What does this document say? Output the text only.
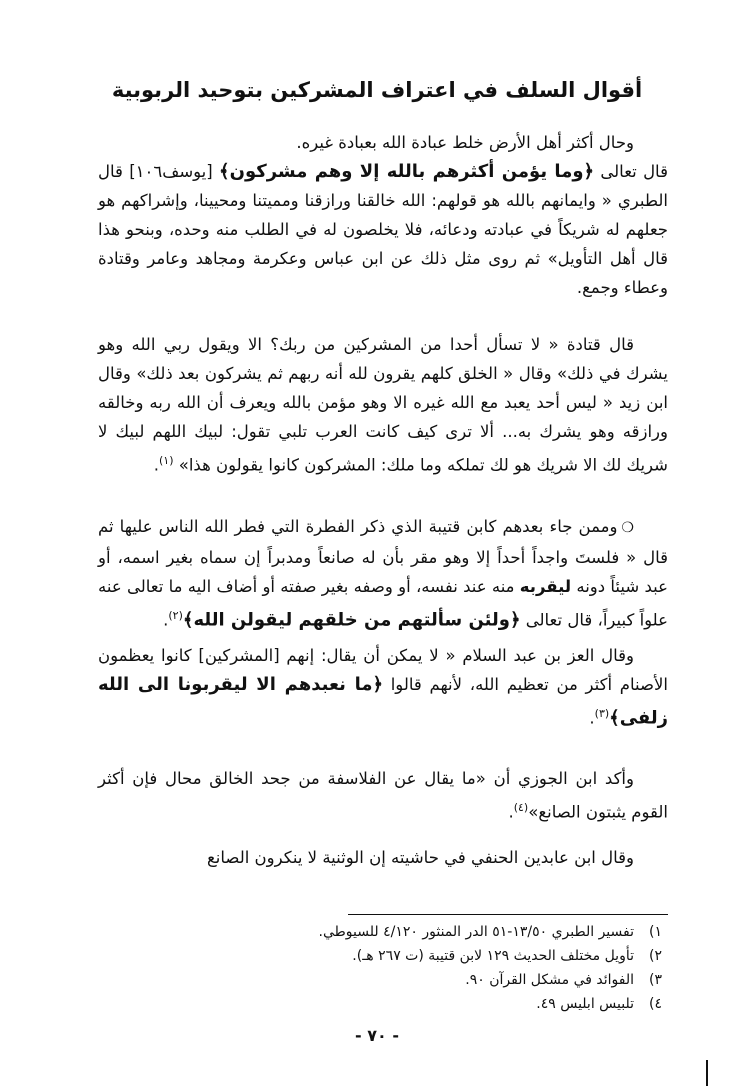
أقوال السلف في اعتراف المشركين بتوحيد الربوبية
وحال أكثر أهل الأرض خلط عبادة الله بعبادة غيره.
قال تعالى ﴿وما يؤمن أكثرهم بالله إلا وهم مشركون﴾ [يوسف١٠٦] قال الطبري « وايمانهم بالله هو قولهم: الله خالقنا ورازقنا ومميتنا ومحيينا، وإشراكهم هو جعلهم له شريكاً في عبادته ودعائه، فلا يخلصون له في الطلب منه وحده، وبنحو هذا قال أهل التأويل» ثم روى مثل ذلك عن ابن عباس وعكرمة ومجاهد وعامر وقتادة وعطاء وجمع.
قال قتادة « لا تسأل أحدا من المشركين من ربك؟ الا ويقول ربي الله وهو يشرك في ذلك» وقال « الخلق كلهم يقرون لله أنه ربهم ثم يشركون بعد ذلك» وقال ابن زيد « ليس أحد يعبد مع الله غيره الا وهو مؤمن بالله ويعرف أن الله ربه وخالقه ورازقه وهو يشرك به... ألا ترى كيف كانت العرب تلبي تقول: لبيك اللهم لبيك لا شريك لك الا شريك هو لك تملكه وما ملك: المشركون كانوا يقولون هذا» $^{(١)}$.
❍وممن جاء بعدهم كابن قتيبة الذي ذكر الفطرة التي فطر الله الناس عليها ثم قال « فلستَ واجداً أحداً إلا وهو مقر بأن له صانعاً ومدبراً إن سماه بغير اسمه، أو عبد شيئاً دونه ليقربه منه عند نفسه، أو وصفه بغير صفته أو أضاف اليه ما تعالى عنه علواً كبيراً، قال تعالى ﴿ولئن سألتهم من خلقهم ليقولن الله﴾$^{(٢)}$.
وقال العز بن عبد السلام « لا يمكن أن يقال: إنهم [المشركين] كانوا يعظمون الأصنام أكثر من تعظيم الله، لأنهم قالوا ﴿ما نعبدهم الا ليقربونا الى الله زلفى﴾$^{(٣)}$.
وأكد ابن الجوزي أن «ما يقال عن الفلاسفة من جحد الخالق محال فإن أكثر القوم يثبتون الصانع»$^{(٤)}$.
وقال ابن عابدين الحنفي في حاشيته إن الوثنية لا ينكرون الصانع
١)
تفسير الطبري ١٣/٥٠-٥١ الدر المنثور ٤/١٢٠ للسيوطي.
٢)
تأويل مختلف الحديث ١٢٩ لابن قتيبة (ت ٢٦٧ هـ).
٣)
الفوائد في مشكل القرآن ٩٠.
٤)
تلبيس ابليس ٤٩.
- ٧٠ -
